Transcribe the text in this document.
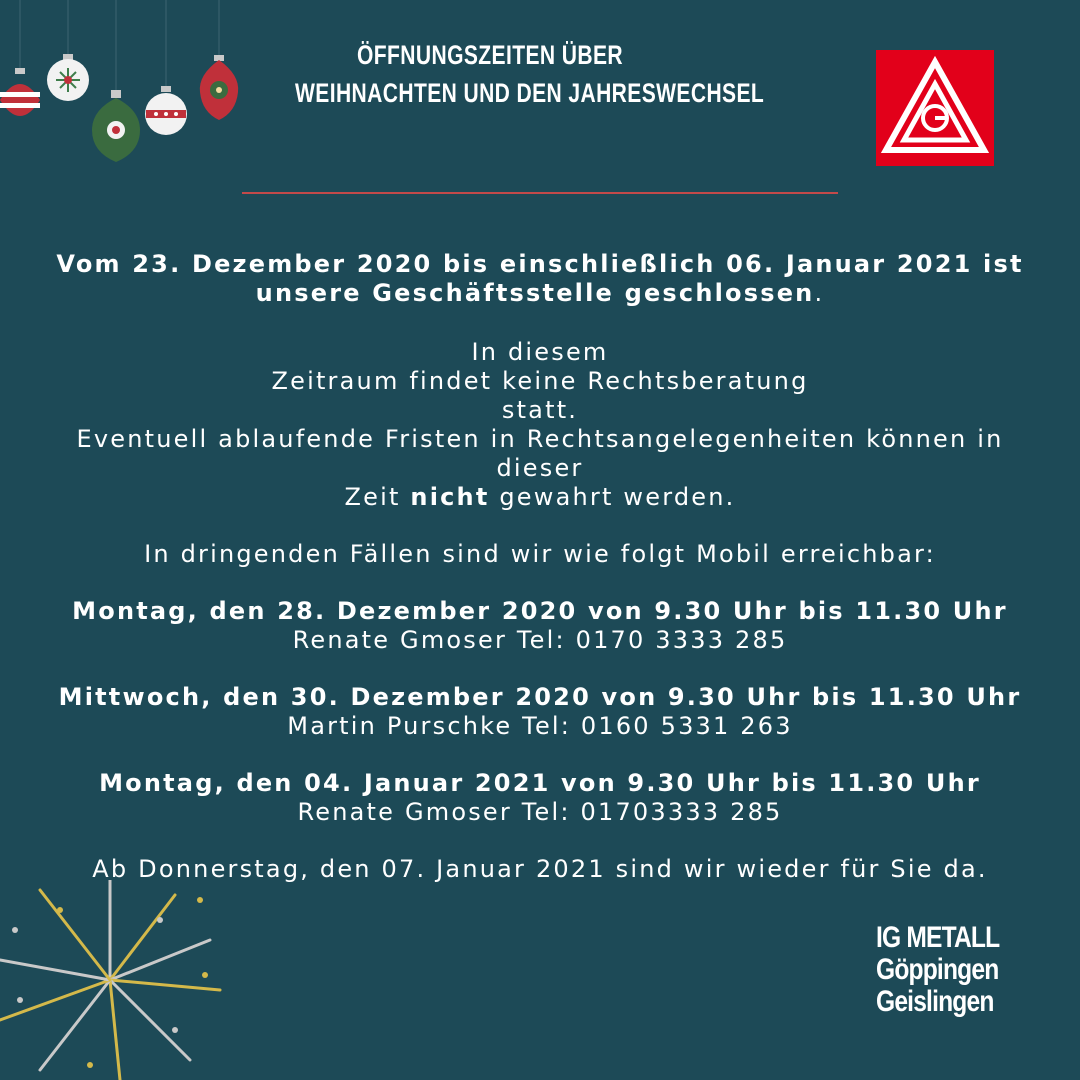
ÖFFNUNGSZEITEN ÜBER
WEIHNACHTEN UND DEN JAHRESWECHSEL
Vom 23. Dezember 2020 bis einschließlich 06. Januar 2021 ist
unsere Geschäftsstelle geschlossen.
In diesem
Zeitraum findet keine Rechtsberatung
statt.
Eventuell ablaufende Fristen in Rechtsangelegenheiten können in
dieser
Zeit nicht gewahrt werden.
In dringenden Fällen sind wir wie folgt Mobil erreichbar:
Montag, den 28. Dezember 2020 von 9.30 Uhr bis 11.30 Uhr
Renate Gmoser Tel: 0170 3333 285
Mittwoch, den 30. Dezember 2020 von 9.30 Uhr bis 11.30 Uhr
Martin Purschke Tel: 0160 5331 263
Montag, den 04. Januar 2021 von 9.30 Uhr bis 11.30 Uhr
Renate Gmoser Tel: 01703333 285
Ab Donnerstag, den 07. Januar 2021 sind wir wieder für Sie da.
IG METALL
Göppingen
Geislingen
